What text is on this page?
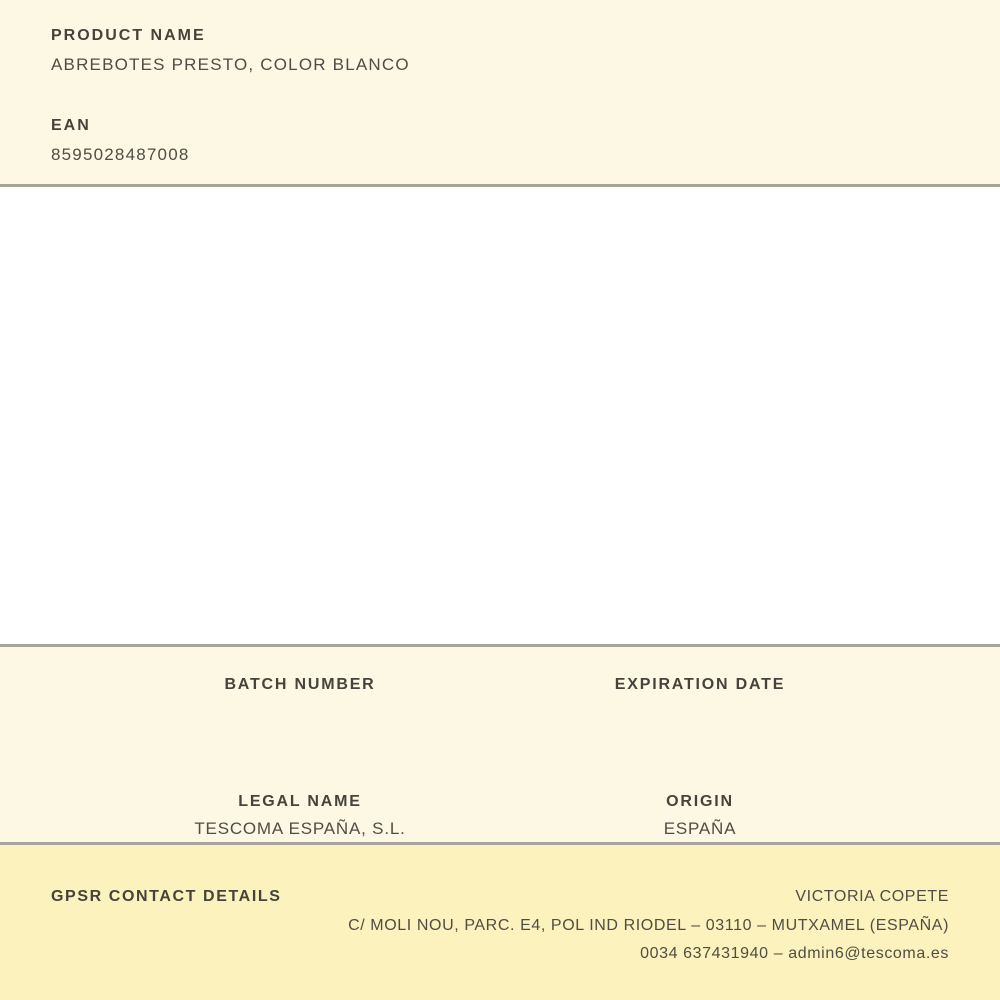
PRODUCT NAME
ABREBOTES PRESTO, COLOR BLANCO
EAN
8595028487008
BATCH NUMBER	EXPIRATION DATE
LEGAL NAME
TESCOMA ESPAÑA, S.L.
ORIGIN
ESPAÑA
GPSR CONTACT DETAILS	VICTORIA COPETE
C/ MOLI NOU, PARC. E4, POL IND RIODEL – 03110 – MUTXAMEL (ESPAÑA)
0034 637431940 – admin6@tescoma.es
